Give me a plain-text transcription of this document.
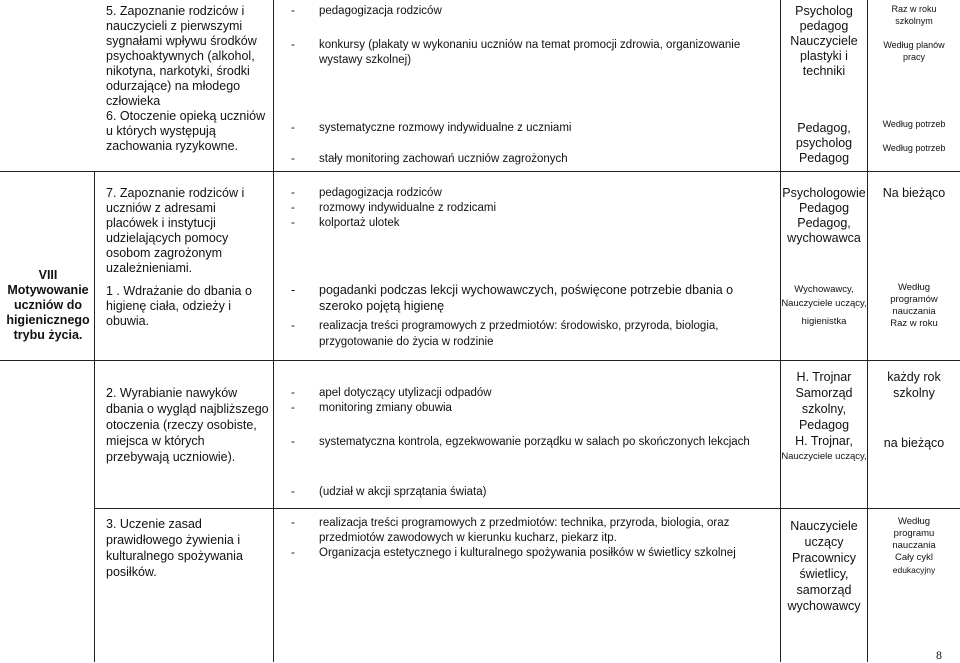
5. Zapoznanie rodziców i nauczycieli z pierwszymi sygnałami wpływu środków psychoaktywnych (alkohol, nikotyna, narkotyki, środki odurzające) na młodego człowieka

6. Otoczenie opieką uczniów u których występują zachowania ryzykowne.

- pedagogizacja rodziców
- konkursy (plakaty w wykonaniu uczniów na temat promocji zdrowia, organizowanie wystawy szkolnej)
- systematyczne rozmowy indywidualne z uczniami
- stały monitoring zachowań uczniów zagrożonych
Psycholog
pedagog
Nauczyciele
plastyki i
techniki
Pedagog,
psycholog
Pedagog
Raz w roku szkolnym
Według planów pracy
Według potrzeb
Według potrzeb
VIII Motywowanie uczniów do higienicznego trybu życia.

7. Zapoznanie rodziców i uczniów z adresami placówek i instytucji udzielających pomocy osobom zagrożonym uzależnieniami.

1 . Wdrażanie do dbania o higienę ciała, odzieży i obuwia.

- pedagogizacja rodziców
- rozmowy indywidualne z rodzicami
- kolportaż ulotek
- pogadanki podczas lekcji wychowawczych, poświęcone potrzebie dbania o szeroko pojętą higienę
- realizacja treści programowych z przedmiotów: środowisko, przyroda, biologia, przygotowanie do życia w rodzinie
Psychologowie
Pedagog
Pedagog,
wychowawca
Wychowawcy,
Nauczyciele uczący,
higienistka
Na bieżąco
Według
programów
nauczania
Raz w roku

2. Wyrabianie nawyków dbania o wygląd najbliższego otoczenia (rzeczy osobiste, miejsca w których przebywają uczniowie).

- apel dotyczący utylizacji odpadów
- monitoring zmiany obuwia
- systematyczna kontrola, egzekwowanie porządku w salach po skończonych lekcjach
- (udział w akcji sprzątania świata)
H. Trojnar
Samorząd
szkolny,
Pedagog
H. Trojnar,
Nauczyciele uczący,
każdy rok
szkolny
na bieżąco

3. Uczenie zasad prawidłowego żywienia i kulturalnego spożywania posiłków.

- realizacja treści programowych z przedmiotów: technika, przyroda, biologia, oraz przedmiotów zawodowych w kierunku kucharz, piekarz itp.
- Organizacja estetycznego i kulturalnego spożywania posiłków w świetlicy szkolnej
Nauczyciele
uczący
Pracownicy
świetlicy,
samorząd
wychowawcy
Według
programu
nauczania
Cały cykl
edukacyjny
8
